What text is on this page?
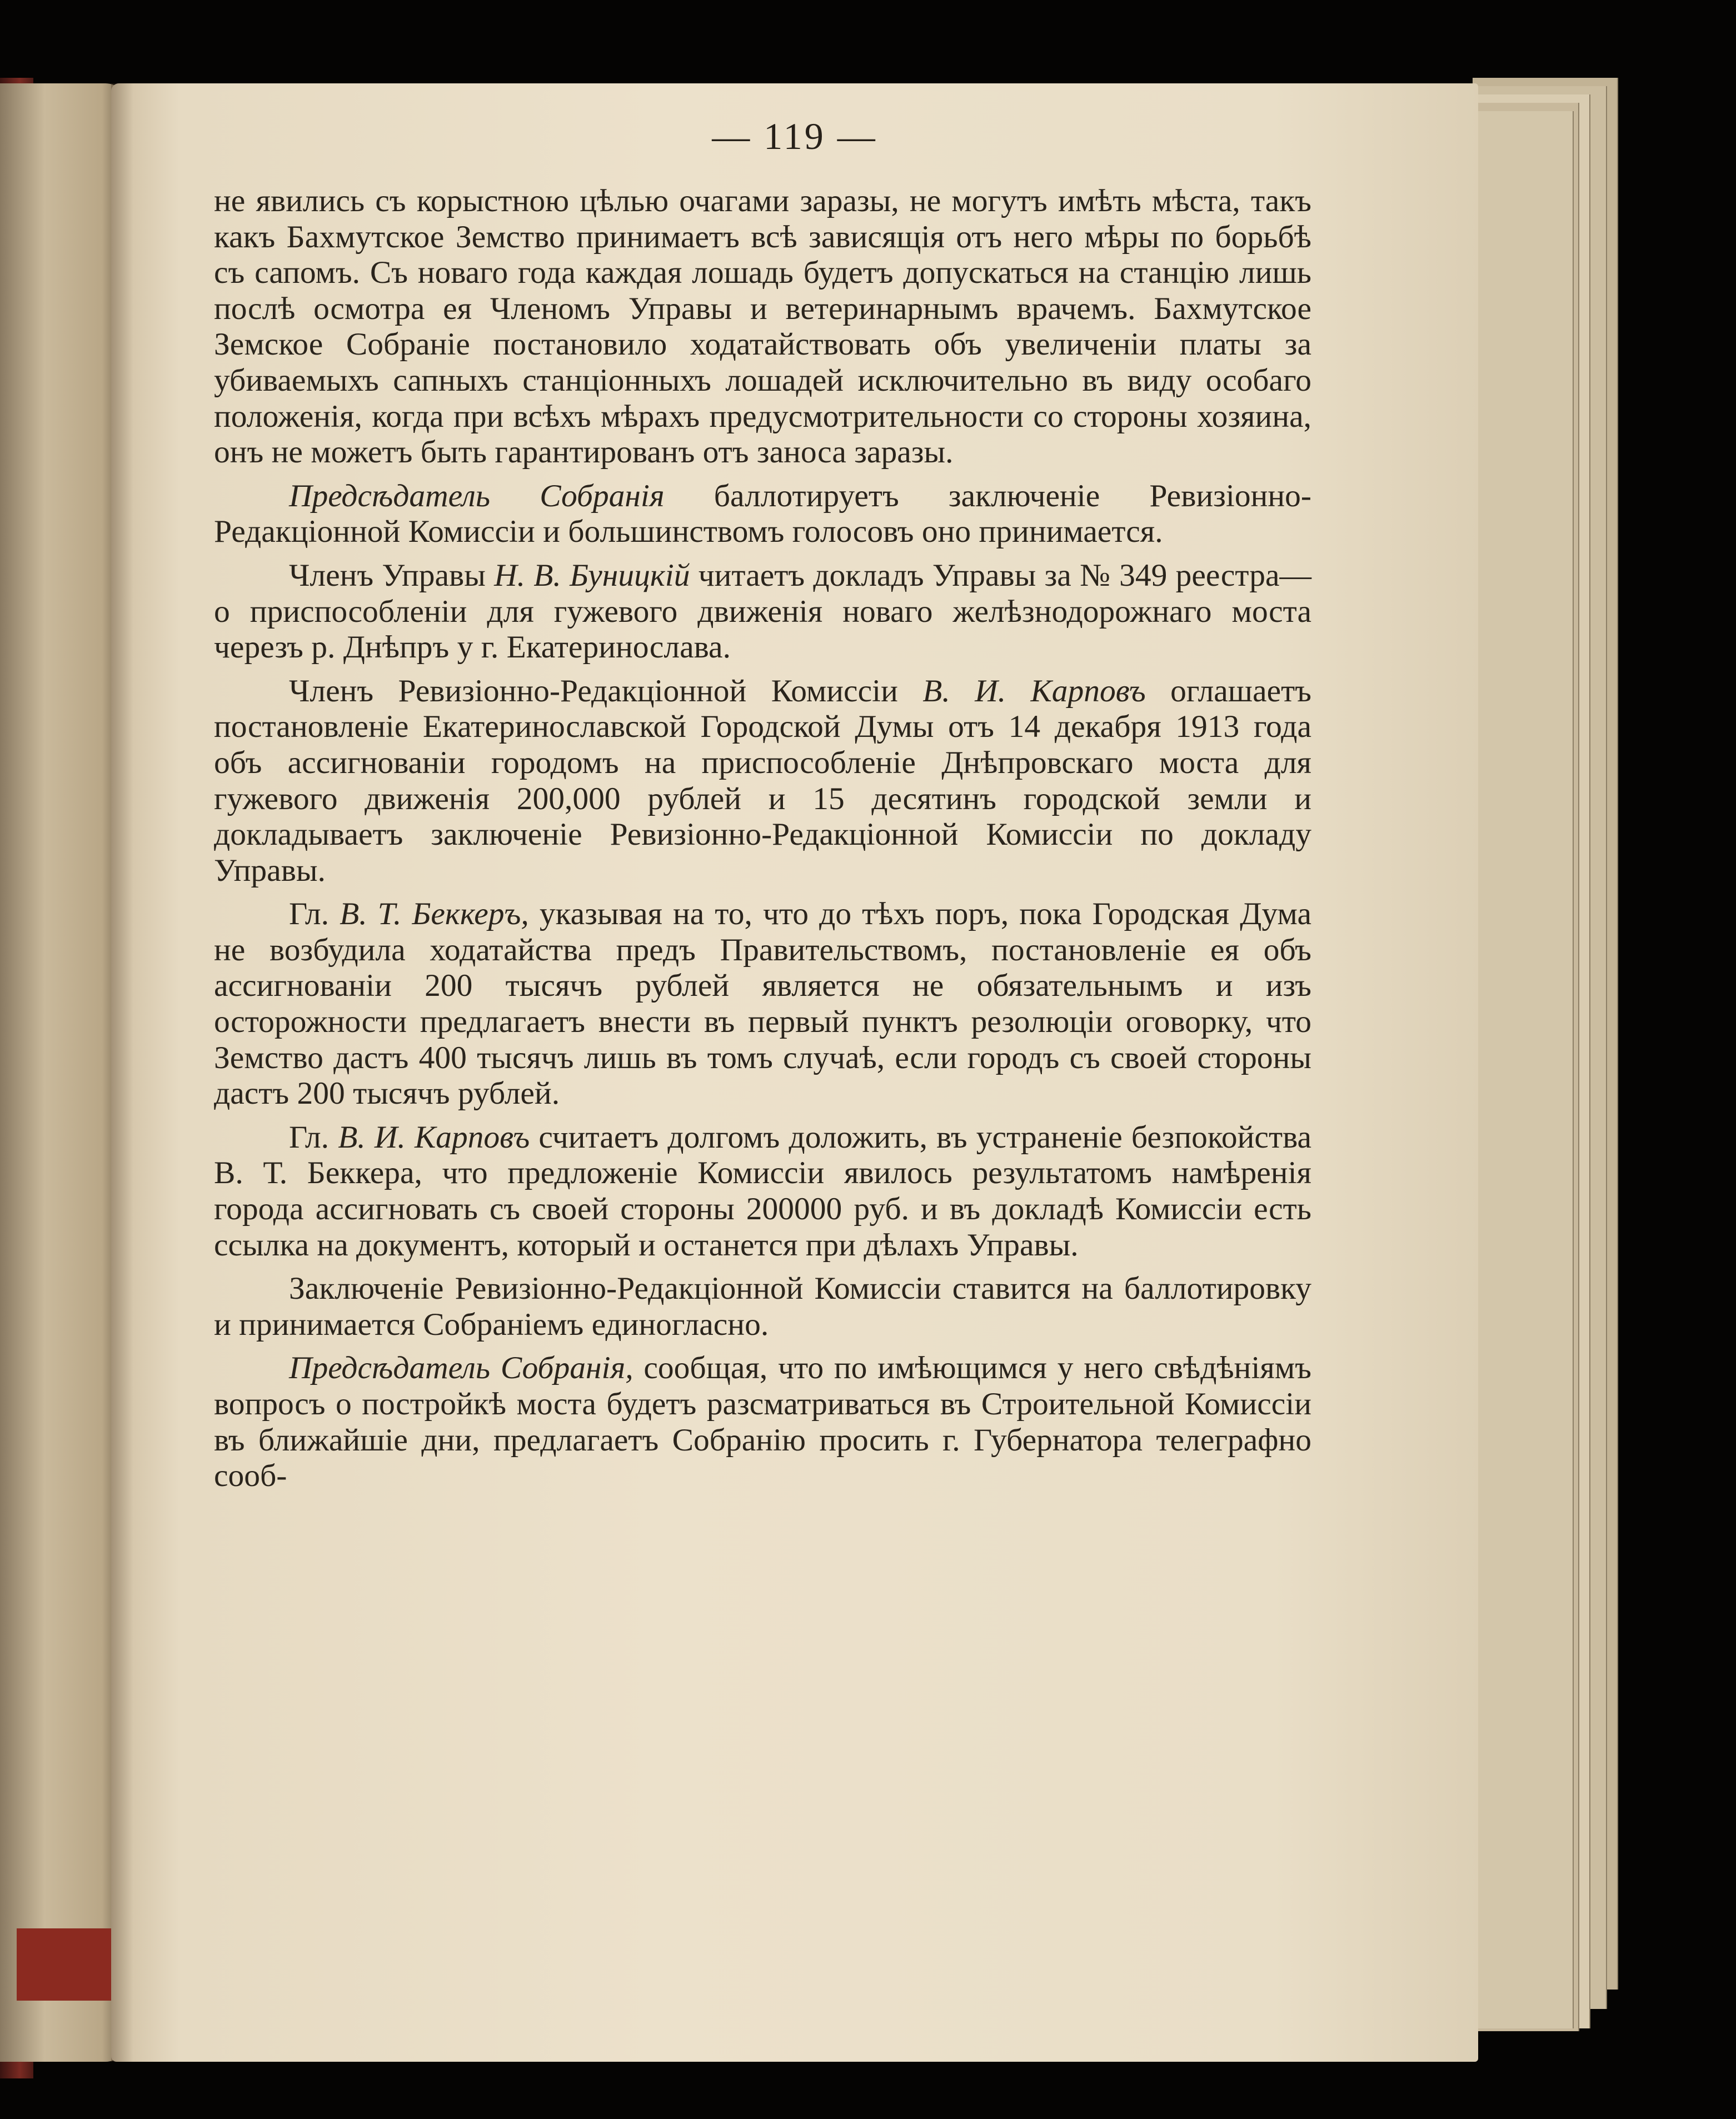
— 119 —

не явились съ корыстною цѣлью очагами заразы, не могутъ имѣть мѣста, такъ какъ Бахмутское Земство принимаетъ всѣ зависящія отъ него мѣры по борьбѣ съ сапомъ. Съ новаго года каждая лошадь будетъ допускаться на станцію лишь послѣ осмотра ея Членомъ Управы и ветеринарнымъ врачемъ. Бахмутское Земское Собраніе постановило ходатайствовать объ увеличеніи платы за убиваемыхъ сапныхъ станціонныхъ лошадей исключительно въ виду особаго положенія, когда при всѣхъ мѣрахъ предусмотрительности со стороны хозяина, онъ не можетъ быть гарантированъ отъ заноса заразы.

Предсѣдатель Собранія баллотируетъ заключеніе Ревизіонно-Редакціонной Комиссіи и большинствомъ голосовъ оно принимается.

Членъ Управы Н. В. Буницкій читаетъ докладъ Управы за № 349 реестра—о приспособленіи для гужевого движенія новаго желѣзнодорожнаго моста черезъ р. Днѣпръ у г. Екатеринослава.

Членъ Ревизіонно-Редакціонной Комиссіи В. И. Карповъ оглашаетъ постановленіе Екатеринославской Городской Думы отъ 14 декабря 1913 года объ ассигнованіи городомъ на приспособленіе Днѣпровскаго моста для гужевого движенія 200,000 рублей и 15 десятинъ городской земли и докладываетъ заключеніе Ревизіонно-Редакціонной Комиссіи по докладу Управы.

Гл. В. Т. Беккеръ, указывая на то, что до тѣхъ поръ, пока Городская Дума не возбудила ходатайства предъ Правительствомъ, постановленіе ея объ ассигнованіи 200 тысячъ рублей является не обязательнымъ и изъ осторожности предлагаетъ внести въ первый пунктъ резолюціи оговорку, что Земство дастъ 400 тысячъ лишь въ томъ случаѣ, если городъ съ своей стороны дастъ 200 тысячъ рублей.

Гл. В. И. Карповъ считаетъ долгомъ доложить, въ устраненіе безпокойства В. Т. Беккера, что предложеніе Комиссіи явилось результатомъ намѣренія города ассигновать съ своей стороны 200000 руб. и въ докладѣ Комиссіи есть ссылка на документъ, который и останется при дѣлахъ Управы.

Заключеніе Ревизіонно-Редакціонной Комиссіи ставится на баллотировку и принимается Собраніемъ единогласно.

Предсѣдатель Собранія, сообщая, что по имѣющимся у него свѣдѣніямъ вопросъ о постройкѣ моста будетъ разсматриваться въ Строительной Комиссіи въ ближайшіе дни, предлагаетъ Собранію просить г. Губернатора телеграфно сооб-
